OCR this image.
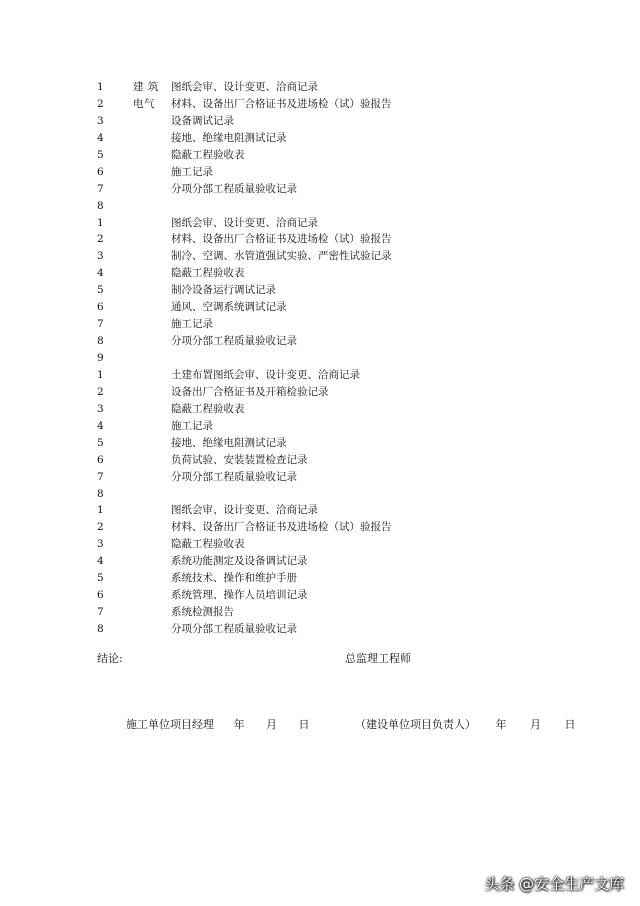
1	建 筑 图纸会审、设计变更、洽商记录
2	电气 材料、设备出厂合格证书及进场检（试）验报告
3	设备调试记录
4	接地、绝缘电阻测试记录
5	隐蔽工程验收表
6	施工记录
7	分项分部工程质量验收记录
8
1	图纸会审、设计变更、洽商记录
2	材料、设备出厂合格证书及进场检（试）验报告
3	制冷、空调、水管道强试实验、严密性试验记录
4	隐蔽工程验收表
5	制冷设备运行调试记录
6	通风、空调系统调试记录
7	施工记录
8	分项分部工程质量验收记录
9
1	土建布置图纸会审、设计变更、洽商记录
2	设备出厂合格证书及开箱检验记录
3	隐蔽工程验收表
4	施工记录
5	接地、绝缘电阻测试记录
6	负荷试验、安装装置检查记录
7	分项分部工程质量验收记录
8
1	图纸会审、设计变更、洽商记录
2	材料、设备出厂合格证书及进场检（试）验报告
3	隐蔽工程验收表
4	系统功能测定及设备调试记录
5	系统技术、操作和维护手册
6	系统管理、操作人员培训记录
7	系统检测报告
8	分项分部工程质量验收记录
结论:	总监理工程师
施工单位项目经理 年 月 日	（建设单位项目负责人） 年 月 日
头条 @安全生产文库
